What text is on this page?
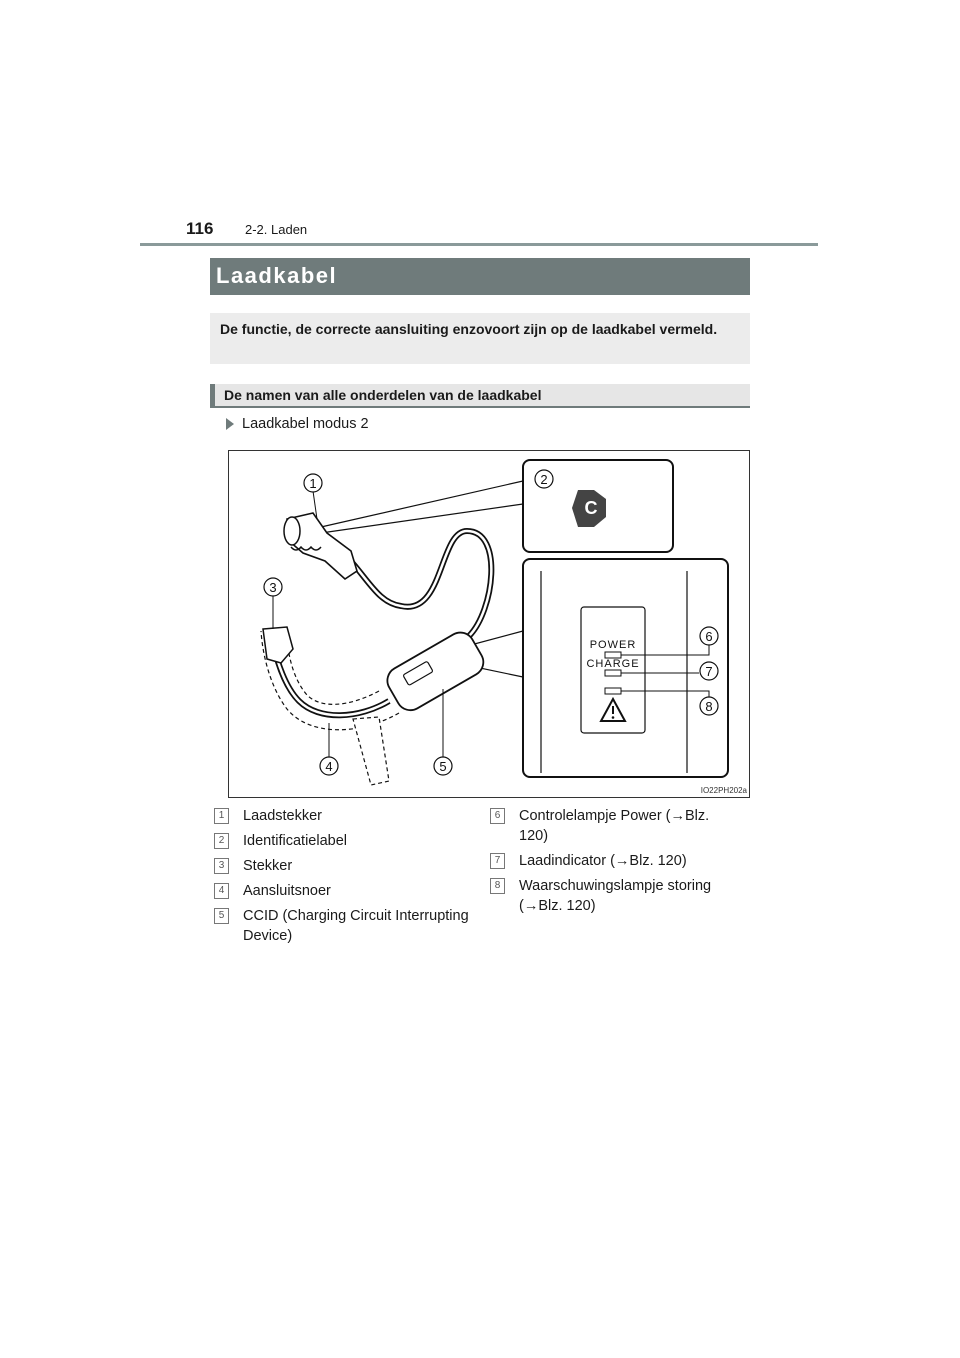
116 2-2. Laden
Laadkabel
De functie, de correcte aansluiting enzovoort zijn op de laadkabel vermeld.
De namen van alle onderdelen van de laadkabel
Laadkabel modus 2
C
POWER
CHARGE
1	2
3
4	5
6
7
8
IO22PH202a
1	Laadstekker
2	Identificatielabel
3	Stekker
4	Aansluitsnoer
5	CCID (Charging Circuit Interrupting Device)
6	Controlelampje Power (→Blz. 120)
7	Laadindicator (→Blz. 120)
8	Waarschuwingslampje storing (→Blz. 120)
